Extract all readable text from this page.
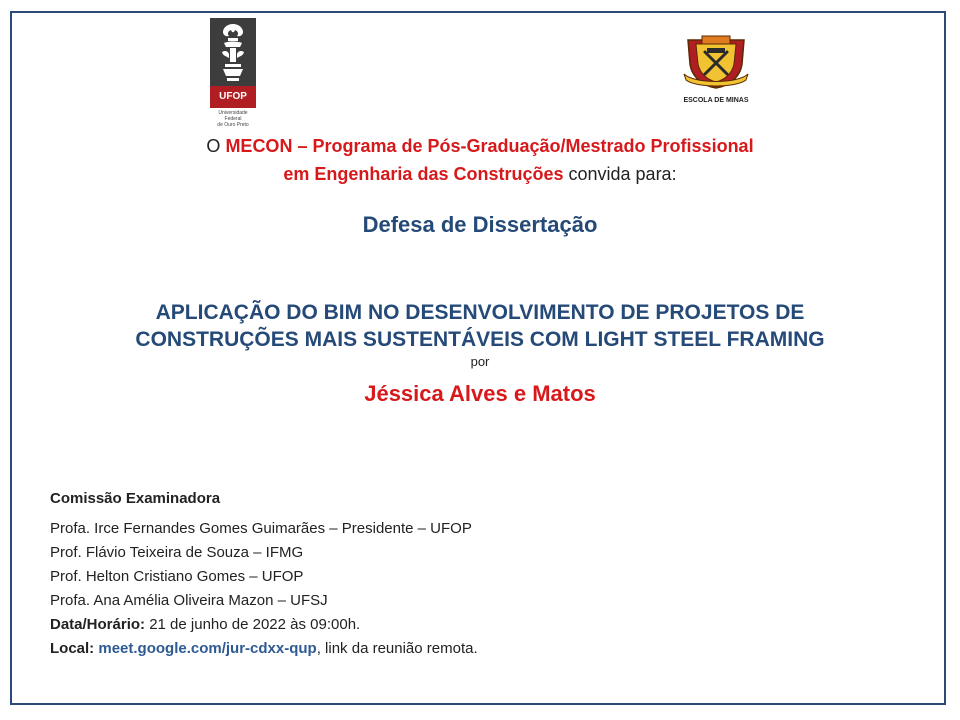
UFOP
Universidade Federal
de Ouro Preto
ESCOLA DE MINAS
O MECON – Programa de Pós-Graduação/Mestrado Profissional
em Engenharia das Construções convida para:
Defesa de Dissertação
APLICAÇÃO DO BIM NO DESENVOLVIMENTO DE PROJETOS DE
CONSTRUÇÕES MAIS SUSTENTÁVEIS COM LIGHT STEEL FRAMING
por
Jéssica Alves e Matos
Comissão Examinadora
Profa. Irce Fernandes Gomes Guimarães – Presidente – UFOP
Prof. Flávio Teixeira de Souza – IFMG
Prof. Helton Cristiano Gomes – UFOP
Profa. Ana Amélia Oliveira Mazon – UFSJ
Data/Horário: 21 de junho de 2022 às 09:00h.
Local: meet.google.com/jur-cdxx-qup, link da reunião remota.
